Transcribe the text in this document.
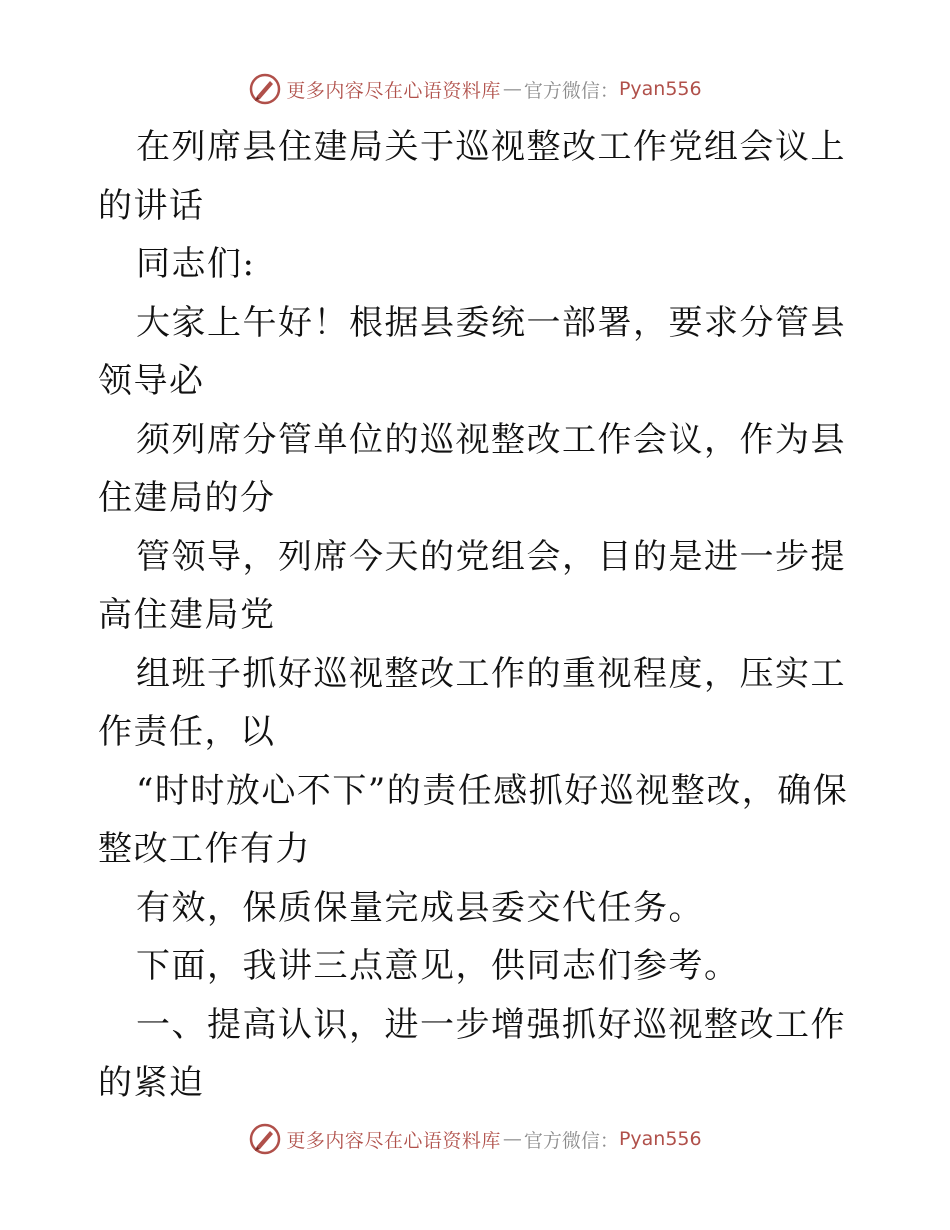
更多内容尽在心语资料库 — 官方微信： Pyan556

在列席县住建局关于巡视整改工作党组会议上的讲话

同志们:

大家上午好！根据县委统一部署，要求分管县领导必

须列席分管单位的巡视整改工作会议，作为县住建局的分

管领导，列席今天的党组会，目的是进一步提高住建局党

组班子抓好巡视整改工作的重视程度，压实工作责任，以

“时时放心不下”的责任感抓好巡视整改，确保整改工作有力

有效，保质保量完成县委交代任务。

下面，我讲三点意见，供同志们参考。

一、提高认识，进一步增强抓好巡视整改工作的紧迫

更多内容尽在心语资料库 — 官方微信： Pyan556
